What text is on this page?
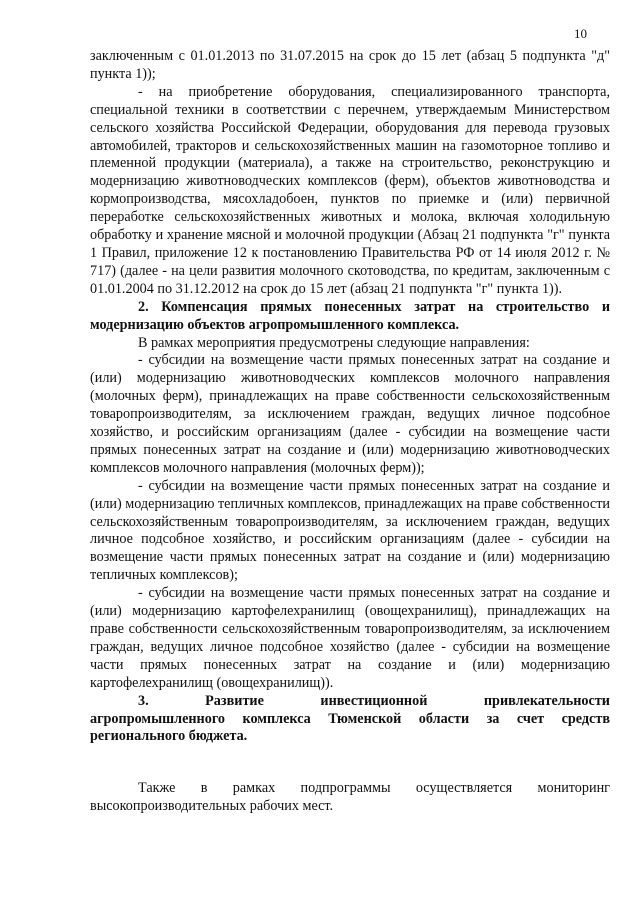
10

заключенным с 01.01.2013 по 31.07.2015 на срок до 15 лет (абзац 5 подпункта "д" пункта 1));

- на приобретение оборудования, специализированного транспорта, специальной техники в соответствии с перечнем, утверждаемым Министерством сельского хозяйства Российской Федерации, оборудования для перевода грузовых автомобилей, тракторов и сельскохозяйственных машин на газомоторное топливо и племенной продукции (материала), а также на строительство, реконструкцию и модернизацию животноводческих комплексов (ферм), объектов животноводства и кормопроизводства, мясохладобоен, пунктов по приемке и (или) первичной переработке сельскохозяйственных животных и молока, включая холодильную обработку и хранение мясной и молочной продукции (Абзац 21 подпункта "г" пункта 1 Правил, приложение 12 к постановлению Правительства РФ от 14 июля 2012 г. № 717) (далее - на цели развития молочного скотоводства, по кредитам, заключенным с 01.01.2004 по 31.12.2012 на срок до 15 лет (абзац 21 подпункта "г" пункта 1)).

2. Компенсация прямых понесенных затрат на строительство и модернизацию объектов агропромышленного комплекса.

В рамках мероприятия предусмотрены следующие направления:

- субсидии на возмещение части прямых понесенных затрат на создание и (или) модернизацию животноводческих комплексов молочного направления (молочных ферм), принадлежащих на праве собственности сельскохозяйственным товаропроизводителям, за исключением граждан, ведущих личное подсобное хозяйство, и российским организациям (далее - субсидии на возмещение части прямых понесенных затрат на создание и (или) модернизацию животноводческих комплексов молочного направления (молочных ферм));

- субсидии на возмещение части прямых понесенных затрат на создание и (или) модернизацию тепличных комплексов, принадлежащих на праве собственности сельскохозяйственным товаропроизводителям, за исключением граждан, ведущих личное подсобное хозяйство, и российским организациям (далее - субсидии на возмещение части прямых понесенных затрат на создание и (или) модернизацию тепличных комплексов);

- субсидии на возмещение части прямых понесенных затрат на создание и (или) модернизацию картофелехранилищ (овощехранилищ), принадлежащих на праве собственности сельскохозяйственным товаропроизводителям, за исключением граждан, ведущих личное подсобное хозяйство (далее - субсидии на возмещение части прямых понесенных затрат на создание и (или) модернизацию картофелехранилищ (овощехранилищ)).

3.	Развитие	инвестиционной	привлекательности

агропромышленного комплекса Тюменской области за счет средств регионального бюджета.

Также в рамках подпрограммы осуществляется мониторинг высокопроизводительных рабочих мест.
